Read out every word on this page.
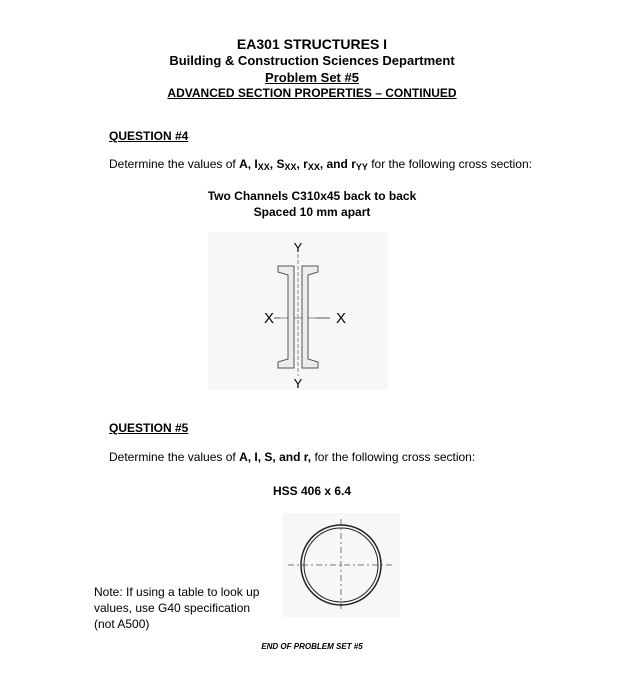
EA301 STRUCTURES I
Building & Construction Sciences Department
Problem Set #5
ADVANCED SECTION PROPERTIES – CONTINUED
QUESTION #4
Determine the values of A, $I_{XX}$, $S_{XX}$, $r_{XX}$, and $r_{YY}$ for the following cross section:
Two Channels C310x45 back to back
Spaced 10 mm apart
Y
Y
X	X
QUESTION #5
Determine the values of A, I, S, and r, for the following cross section:
HSS 406 x 6.4
Note: If using a table to look up values, use G40 specification (not A500)
END OF PROBLEM SET #5
